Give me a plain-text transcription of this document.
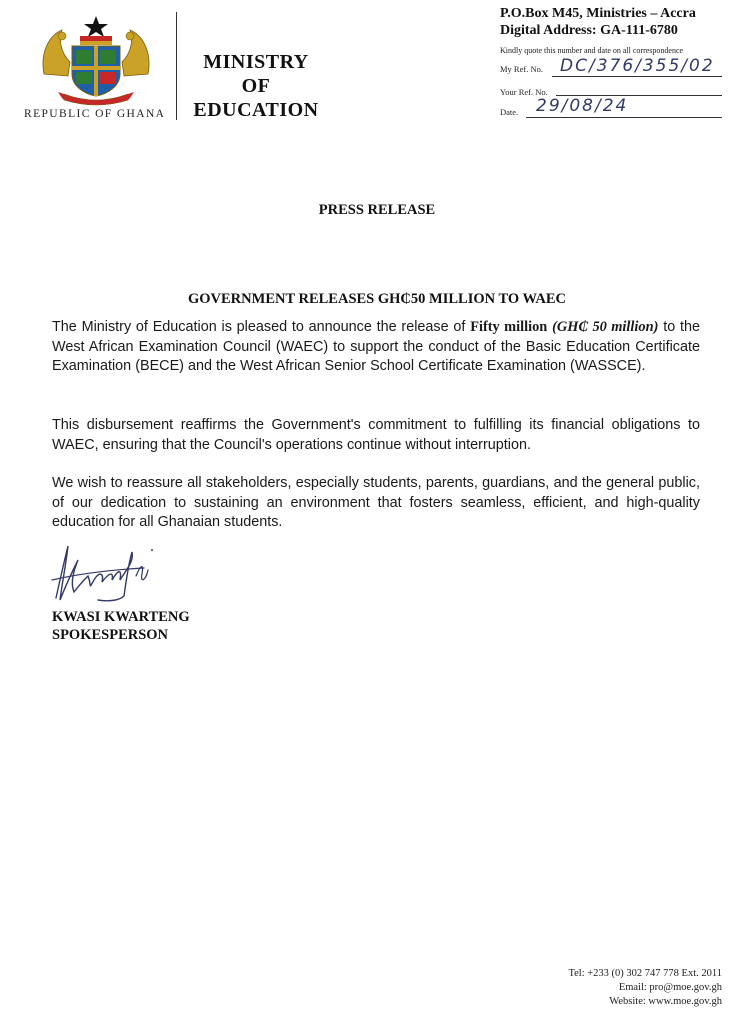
REPUBLIC OF GHANA
MINISTRY
OF
EDUCATION
P.O.Box M45, Ministries – Accra
Digital Address: GA-111-6780
Kindly quote this number and date on all correspondence
My Ref. No. DC/376/355/02
Your Ref. No.
Date. 29/08/24
PRESS RELEASE
GOVERNMENT RELEASES GH₵50 MILLION TO WAEC
The Ministry of Education is pleased to announce the release of Fifty million (GH₵ 50 million) to the West African Examination Council (WAEC) to support the conduct of the Basic Education Certificate Examination (BECE) and the West African Senior School Certificate Examination (WASSCE).
This disbursement reaffirms the Government's commitment to fulfilling its financial obligations to WAEC, ensuring that the Council's operations continue without interruption.
We wish to reassure all stakeholders, especially students, parents, guardians, and the general public, of our dedication to sustaining an environment that fosters seamless, efficient, and high-quality education for all Ghanaian students.
KWASI KWARTENG
SPOKESPERSON
Tel: +233 (0) 302 747 778 Ext. 2011
Email: pro@moe.gov.gh
Website: www.moe.gov.gh
